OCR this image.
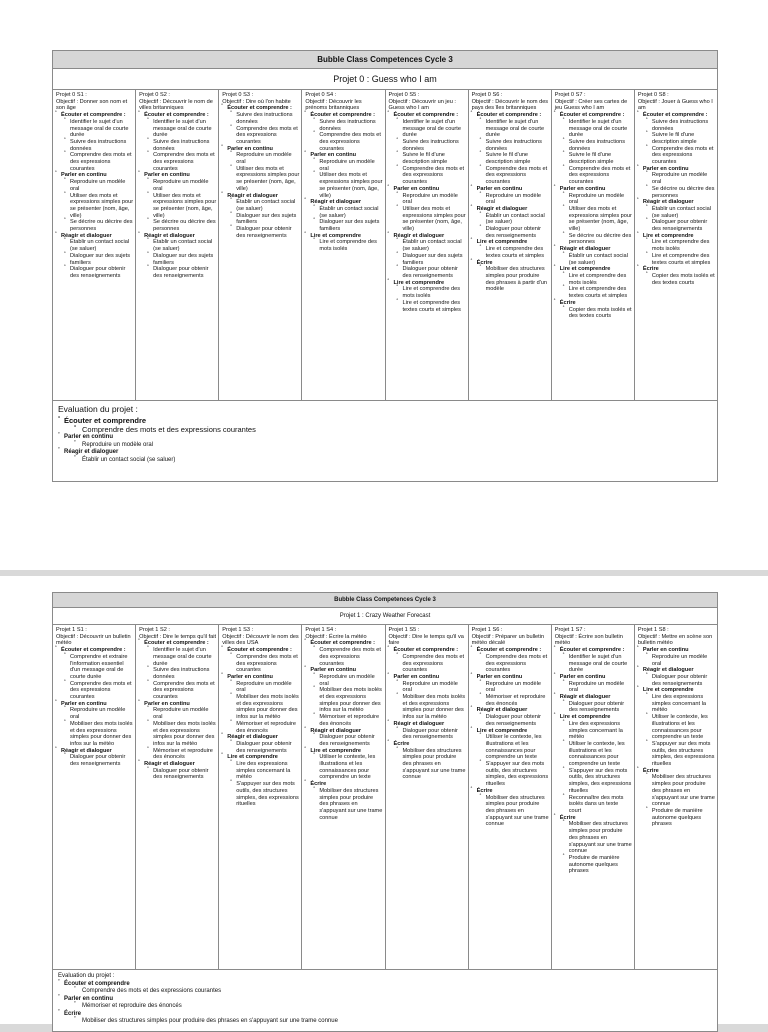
Bubble Class Competences Cycle 3
Projet 0 : Guess who I am
Projet 0 S1 :
Objectif : Donner son nom et son âge
˚ Écouter et comprendre :
˚ Identifier le sujet d'un message oral de courte durée
˚ Suivre des instructions données
˚ Comprendre des mots et des expressions courantes
˚ Parler en continu
˚ Reproduire un modèle oral
˚ Utiliser des mots et expressions simples pour se présenter (nom, âge, ville)
˚ Se décrire ou décrire des personnes
˚ Réagir et dialoguer
˚ Établir un contact social (se saluer)
˚ Dialoguer sur des sujets familiers
˚ Dialoguer pour obtenir des renseignements
Projet 0 S2 :
Objectif : Découvrir le nom de villes britanniques
˚ Écouter et comprendre :
˚ Identifier le sujet d'un message oral de courte durée
˚ Suivre des instructions données
˚ Comprendre des mots et des expressions courantes
˚ Parler en continu
˚ Reproduire un modèle oral
˚ Utiliser des mots et expressions simples pour se présenter (nom, âge, ville)
˚ Se décrire ou décrire des personnes
˚ Réagir et dialoguer
˚ Établir un contact social (se saluer)
˚ Dialoguer sur des sujets familiers
˚ Dialoguer pour obtenir des renseignements
Projet 0 S3 :
Objectif : Dire où l'on habite
˚ Écouter et comprendre :
˚ Suivre des instructions données
˚ Comprendre des mots et des expressions courantes
˚ Parler en continu
˚ Reproduire un modèle oral
˚ Utiliser des mots et expressions simples pour se présenter (nom, âge, ville)
˚ Réagir et dialoguer
˚ Établir un contact social (se saluer)
˚ Dialoguer sur des sujets familiers
˚ Dialoguer pour obtenir des renseignements
Projet 0 S4 :
Objectif : Découvrir les prénoms britanniques
˚ Écouter et comprendre :
˚ Suivre des instructions données
˚ Comprendre des mots et des expressions courantes
˚ Parler en continu
˚ Reproduire un modèle oral
˚ Utiliser des mots et expressions simples pour se présenter (nom, âge, ville)
˚ Réagir et dialoguer
˚ Établir un contact social (se saluer)
˚ Dialoguer sur des sujets familiers
˚ Lire et comprendre
˚ Lire et comprendre des mots isolés
Projet 0 S5 :
Objectif : Découvrir un jeu : Guess who I am
˚ Écouter et comprendre :
˚ Identifier le sujet d'un message oral de courte durée
˚ Suivre des instructions données
˚ Suivre le fil d'une description simple
˚ Comprendre des mots et des expressions courantes
˚ Parler en continu
˚ Reproduire un modèle oral
˚ Utiliser des mots et expressions simples pour se présenter (nom, âge, ville)
˚ Réagir et dialoguer
˚ Établir un contact social (se saluer)
˚ Dialoguer sur des sujets familiers
˚ Dialoguer pour obtenir des renseignements
˚ Lire et comprendre
˚ Lire et comprendre des mots isolés
˚ Lire et comprendre des textes courts et simples
Projet 0 S6 :
Objectif : Découvrir le nom des pays des îles britanniques
˚ Écouter et comprendre :
˚ Identifier le sujet d'un message oral de courte durée
˚ Suivre des instructions données
˚ Suivre le fil d'une description simple
˚ Comprendre des mots et des expressions courantes
˚ Parler en continu
˚ Reproduire un modèle oral
˚ Réagir et dialoguer
˚ Établir un contact social (se saluer)
˚ Dialoguer pour obtenir des renseignements
˚ Lire et comprendre
˚ Lire et comprendre des textes courts et simples
˚ Écrire
˚ Mobiliser des structures simples pour produire des phrases à partir d'un modèle
Projet 0 S7 :
Objectif : Créer ses cartes de jeu Guess who I am
˚ Écouter et comprendre :
˚ Identifier le sujet d'un message oral de courte durée
˚ Suivre des instructions données
˚ Suivre le fil d'une description simple
˚ Comprendre des mots et des expressions courantes
˚ Parler en continu
˚ Reproduire un modèle oral
˚ Utiliser des mots et expressions simples pour se présenter (nom, âge, ville)
˚ Se décrire ou décrire des personnes
˚ Réagir et dialoguer
˚ Établir un contact social (se saluer)
˚ Lire et comprendre
˚ Lire et comprendre des mots isolés
˚ Lire et comprendre des textes courts et simples
˚ Écrire
˚ Copier des mots isolés et des textes courts
Projet 0 S8 :
Objectif : Jouer à Guess who I am
˚ Écouter et comprendre :
˚ Suivre des instructions données
˚ Suivre le fil d'une description simple
˚ Comprendre des mots et des expressions courantes
˚ Parler en continu
˚ Reproduire un modèle oral
˚ Se décrire ou décrire des personnes
˚ Réagir et dialoguer
˚ Établir un contact social (se saluer)
˚ Dialoguer pour obtenir des renseignements
˚ Lire et comprendre
˚ Lire et comprendre des mots isolés
˚ Lire et comprendre des textes courts et simples
˚ Écrire
˚ Copier des mots isolés et des textes courts
Evaluation du projet :
˚ Écouter et comprendre
˚ Comprendre des mots et des expressions courantes
˚ Parler en continu
˚ Reproduire un modèle oral
˚ Réagir et dialoguer
˚ Établir un contact social (se saluer)
Bubble Class Competences Cycle 3
Projet 1 : Crazy Weather Forecast
Projet 1 S1 :
Objectif : Découvrir un bulletin météo
˚ Écouter et comprendre :
˚ Comprendre et extraire l'information essentiel d'un message oral de courte durée
˚ Comprendre des mots et des expressions courantes
˚ Parler en continu
˚ Reproduire un modèle oral
˚ Mobiliser des mots isolés et des expressions simples pour donner des infos sur la météo
˚ Réagir et dialoguer
˚ Dialoguer pour obtenir des renseignements
Projet 1 S2 :
Objectif : Dire le temps qu'il fait
˚ Écouter et comprendre :
˚ Identifier le sujet d'un message oral de courte durée
˚ Suivre des instructions données
˚ Comprendre des mots et des expressions courantes
˚ Parler en continu
˚ Reproduire un modèle oral
˚ Mobiliser des mots isolés et des expressions simples pour donner des infos sur la météo
˚ Mémoriser et reproduire des énoncés
˚ Réagir et dialoguer
˚ Dialoguer pour obtenir des renseignements
Projet 1 S3 :
Objectif : Découvrir le nom des villes des USA
˚ Écouter et comprendre :
˚ Comprendre des mots et des expressions courantes
˚ Parler en continu
˚ Reproduire un modèle oral
˚ Mobiliser des mots isolés et des expressions simples pour donner des infos sur la météo
˚ Mémoriser et reproduire des énoncés
˚ Réagir et dialoguer
˚ Dialoguer pour obtenir des renseignements
˚ Lire et comprendre
˚ Lire des expressions simples concernant la météo
˚ S'appuyer sur des mots outils, des structures simples, des expressions rituelles
Projet 1 S4 :
Objectif : Écrire la météo
˚ Écouter et comprendre :
˚ Comprendre des mots et des expressions courantes
˚ Parler en continu
˚ Reproduire un modèle oral
˚ Mobiliser des mots isolés et des expressions simples pour donner des infos sur la météo
˚ Mémoriser et reproduire des énoncés
˚ Réagir et dialoguer
˚ Dialoguer pour obtenir des renseignements
˚ Lire et comprendre
˚ Utiliser le contexte, les illustrations et les connaissances pour comprendre un texte
˚ Écrire
˚ Mobiliser des structures simples pour produire des phrases en s'appuyant sur une trame connue
Projet 1 S5 :
Objectif : Dire le temps qu'il va faire
˚ Écouter et comprendre :
˚ Comprendre des mots et des expressions courantes
˚ Parler en continu
˚ Reproduire un modèle oral
˚ Mobiliser des mots isolés et des expressions simples pour donner des infos sur la météo
˚ Réagir et dialoguer
˚ Dialoguer pour obtenir des renseignements
˚ Écrire
˚ Mobiliser des structures simples pour produire des phrases en s'appuyant sur une trame connue
Projet 1 S6 :
Objectif : Préparer un bulletin météo décalé
˚ Écouter et comprendre :
˚ Comprendre des mots et des expressions courantes
˚ Parler en continu
˚ Reproduire un modèle oral
˚ Mémoriser et reproduire des énoncés
˚ Réagir et dialoguer
˚ Dialoguer pour obtenir des renseignements
˚ Lire et comprendre
˚ Utiliser le contexte, les illustrations et les connaissances pour comprendre un texte
˚ S'appuyer sur des mots outils, des structures simples, des expressions rituelles
˚ Écrire
˚ Mobiliser des structures simples pour produire des phrases en s'appuyant sur une trame connue
Projet 1 S7 :
Objectif : Écrire son bulletin météo
˚ Écouter et comprendre :
˚ Identifier le sujet d'un message oral de courte durée
˚ Parler en continu
˚ Reproduire un modèle oral
˚ Réagir et dialoguer
˚ Dialoguer pour obtenir des renseignements
˚ Lire et comprendre
˚ Lire des expressions simples concernant la météo
˚ Utiliser le contexte, les illustrations et les connaissances pour comprendre un texte
˚ S'appuyer sur des mots outils, des structures simples, des expressions rituelles
˚ Reconnaître des mots isolés dans un texte court
˚ Écrire
˚ Mobiliser des structures simples pour produire des phrases en s'appuyant sur une trame connue
˚ Produire de manière autonome quelques phrases
Projet 1 S8 :
Objectif : Mettre en scène son bulletin météo
˚ Parler en continu
˚ Reproduire un modèle oral
˚ Réagir et dialoguer
˚ Dialoguer pour obtenir des renseignements
˚ Lire et comprendre
˚ Lire des expressions simples concernant la météo
˚ Utiliser le contexte, les illustrations et les connaissances pour comprendre un texte
˚ S'appuyer sur des mots outils, des structures simples, des expressions rituelles
˚ Écrire
˚ Mobiliser des structures simples pour produire des phrases en s'appuyant sur une trame connue
˚ Produire de manière autonome quelques phrases
Evaluation du projet :
˚ Écouter et comprendre
˚ Comprendre des mots et des expressions courantes
˚ Parler en continu
˚ Mémoriser et reproduire des énoncés
˚ Écrire
˚ Mobiliser des structures simples pour produire des phrases en s'appuyant sur une trame connue
